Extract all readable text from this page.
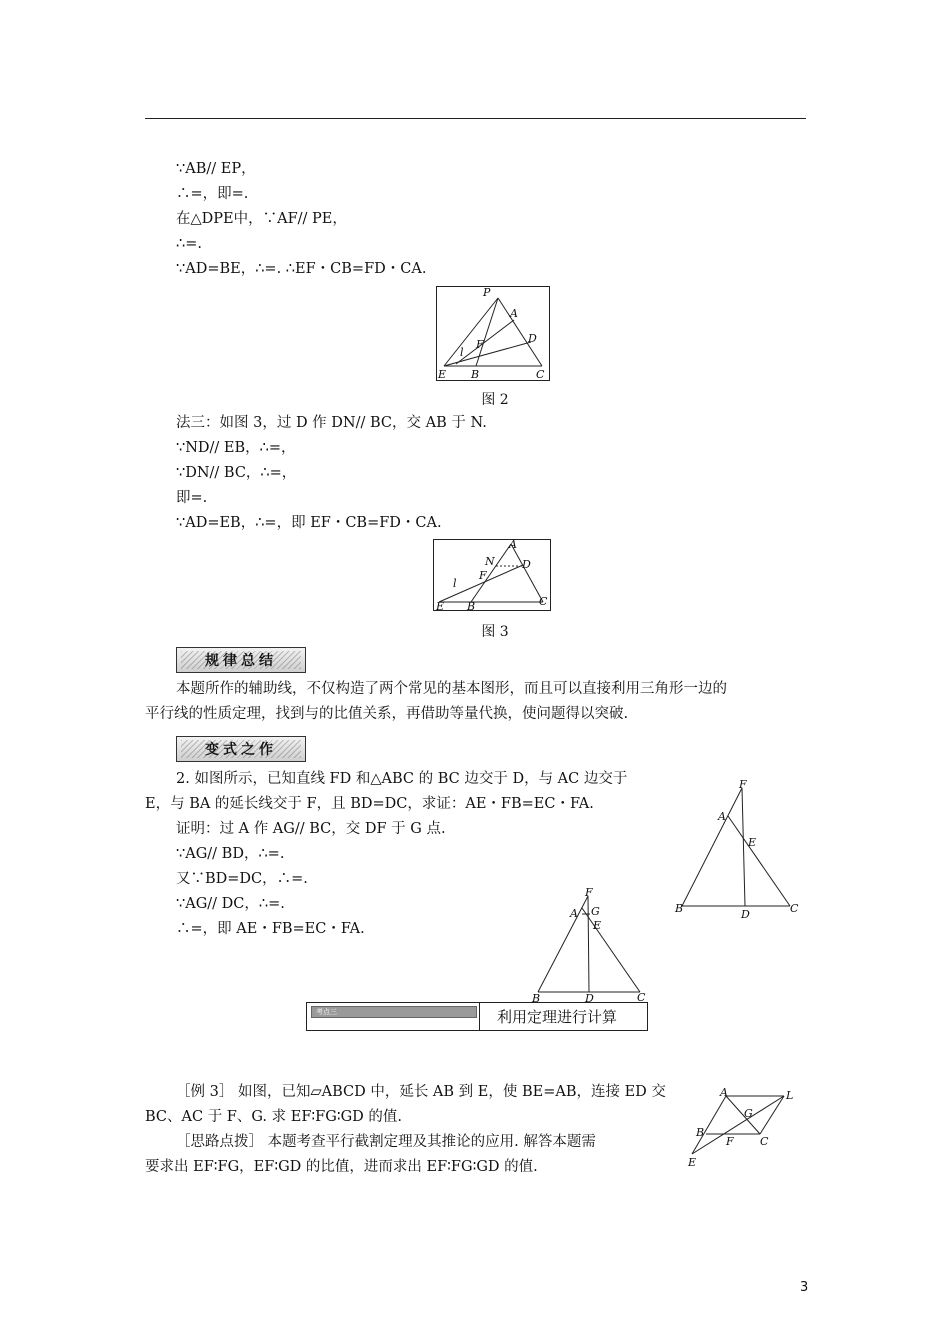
∵AB// EP，
∴=，即=.
在△DPE中，∵AF// PE，
∴=.
∵AD=BE，∴=. ∴EF・CB=FD・CA.
P
A
D
F
l
E B	C
图 2
法三：如图 3，过 D 作 DN// BC，交 AB 于 N.
∵ND// EB，∴=，
∵DN// BC，∴=，
即=.
∵AD=EB，∴=，即 EF・CB=FD・CA.
A
N D
F
l
E B	C
图 3
规律总结
本题所作的辅助线，不仅构造了两个常见的基本图形，而且可以直接利用三角形一边的
平行线的性质定理，找到与的比值关系，再借助等量代换，使问题得以突破.
变式之作
2. 如图所示，已知直线 FD 和△ABC 的 BC 边交于 D，与 AC 边交于
E，与 BA 的延长线交于 F，且 BD=DC，求证：AE・FB=EC・FA.
证明：过 A 作 AG// BC，交 DF 于 G 点.
∵AG// BD，∴=.
又∵BD=DC，∴=.
∵AG// DC，∴=.
∴=，即 AE・FB=EC・FA.
F
A
E
B	D	C
F
A G
E
B	D	C
考点三	利用定理进行计算
［例 3］ 如图，已知▱ABCD 中，延长 AB 到 E，使 BE=AB，连接 ED 交
BC、AC 于 F、G. 求 EF∶FG∶GD 的值.
［思路点拨］ 本题考查平行截割定理及其推论的应用. 解答本题需
要求出 EF∶FG，EF∶GD 的比值，进而求出 EF∶FG∶GD 的值.
A	L
G
B
F C
E
3
